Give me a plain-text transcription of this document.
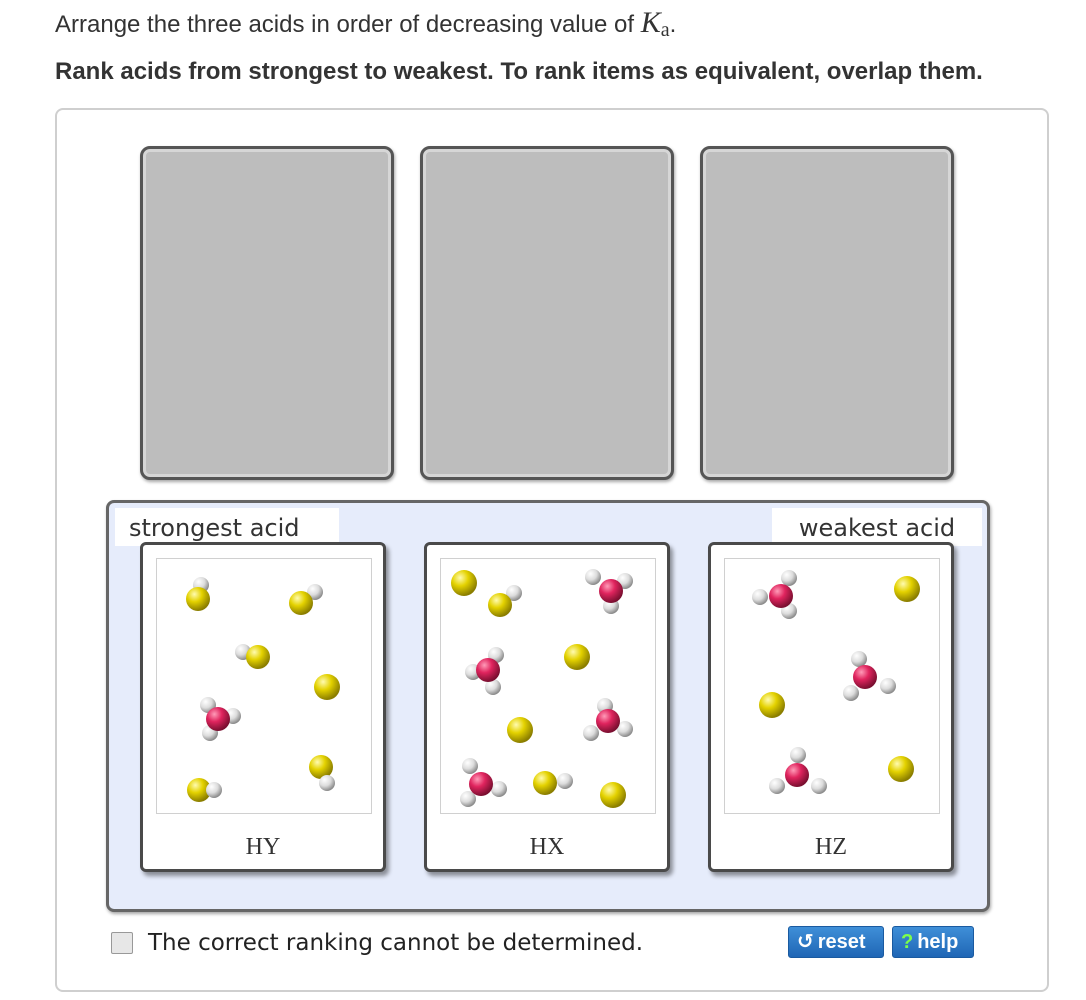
Arrange the three acids in order of decreasing value of Ka.
Rank acids from strongest to weakest. To rank items as equivalent, overlap them.
strongest acid	weakest acid
HY	HX	HZ
The correct ranking cannot be determined.	↺ reset	? help
